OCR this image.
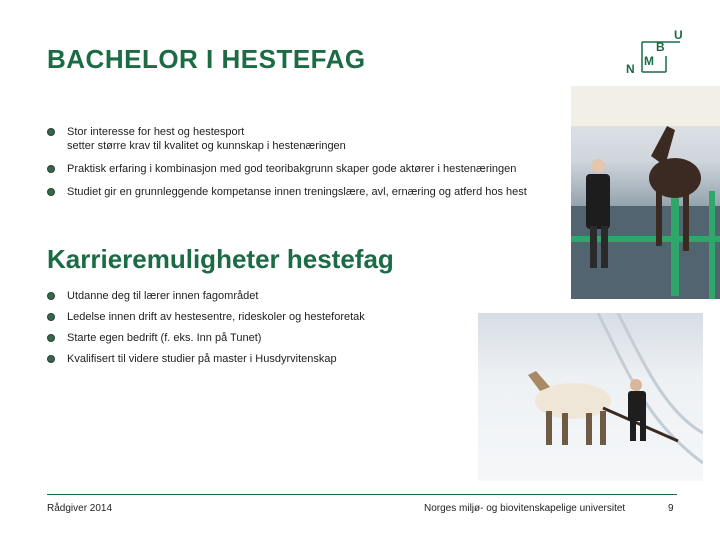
BACHELOR I HESTEFAG
U
B
M
N
Stor interesse for hest og hestesport
setter større krav til kvalitet og kunnskap i hestenæringen
Praktisk erfaring i kombinasjon med god teoribakgrunn skaper gode aktører i hestenæringen
Studiet gir en grunnleggende kompetanse innen treningslære, avl, ernæring og atferd hos hest
Karrieremuligheter hestefag
Utdanne deg til lærer innen fagområdet
Ledelse innen drift av hestesentre, rideskoler og hesteforetak
Starte egen bedrift (f. eks. Inn på Tunet)
Kvalifisert til videre studier på master i Husdyrvitenskap
Rådgiver 2014	Norges miljø- og biovitenskapelige universitet	9
